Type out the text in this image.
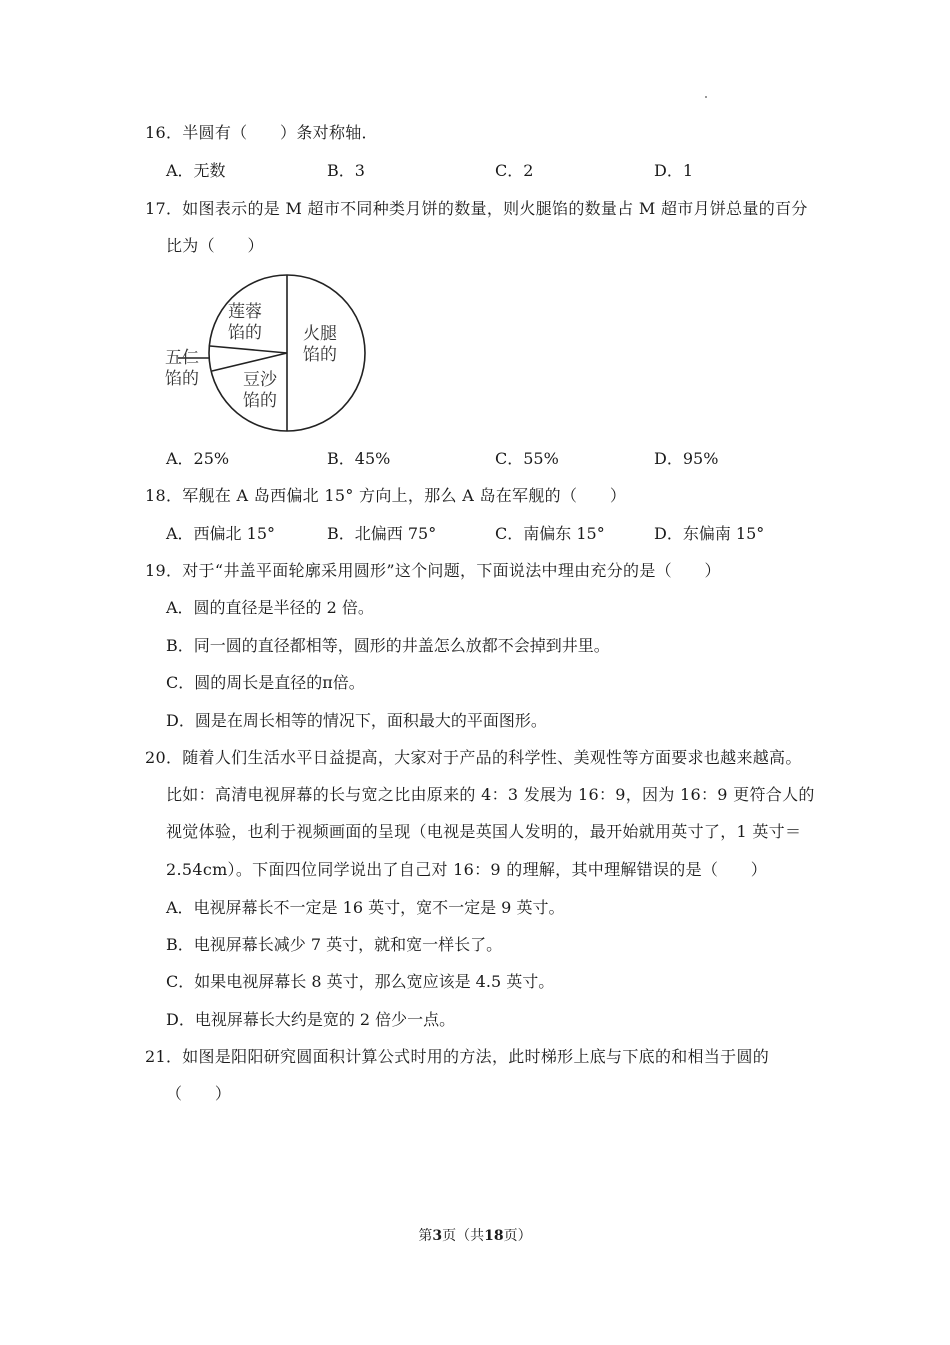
16．半圆有（　　）条对称轴．
A．无数	B．3	C．2	D．1
17．如图表示的是 M 超市不同种类月饼的数量，则火腿馅的数量占 M 超市月饼总量的百分
比为（　　）
莲蓉
馅的 火腿
馅的
五仁
馅的	豆沙
馅的
A．25%	B．45%	C．55%	D．95%
18．军舰在 A 岛西偏北 15° 方向上，那么 A 岛在军舰的（　　）
A．西偏北 15°	B．北偏西 75°	C．南偏东 15°	D．东偏南 15°
19．对于“井盖平面轮廓采用圆形”这个问题，下面说法中理由充分的是（　　）
A．圆的直径是半径的 2 倍。
B．同一圆的直径都相等，圆形的井盖怎么放都不会掉到井里。
C．圆的周长是直径的π倍。
D．圆是在周长相等的情况下，面积最大的平面图形。
20．随着人们生活水平日益提高，大家对于产品的科学性、美观性等方面要求也越来越高。
比如：高清电视屏幕的长与宽之比由原来的 4：3 发展为 16：9，因为 16：9 更符合人的
视觉体验，也利于视频画面的呈现（电视是英国人发明的，最开始就用英寸了，1 英寸＝
2.54cm）。下面四位同学说出了自己对 16：9 的理解，其中理解错误的是（　　）
A．电视屏幕长不一定是 16 英寸，宽不一定是 9 英寸。
B．电视屏幕长减少 7 英寸，就和宽一样长了。
C．如果电视屏幕长 8 英寸，那么宽应该是 4.5 英寸。
D．电视屏幕长大约是宽的 2 倍少一点。
21．如图是阳阳研究圆面积计算公式时用的方法，此时梯形上底与下底的和相当于圆的
（　　）
第3页（共18页）
